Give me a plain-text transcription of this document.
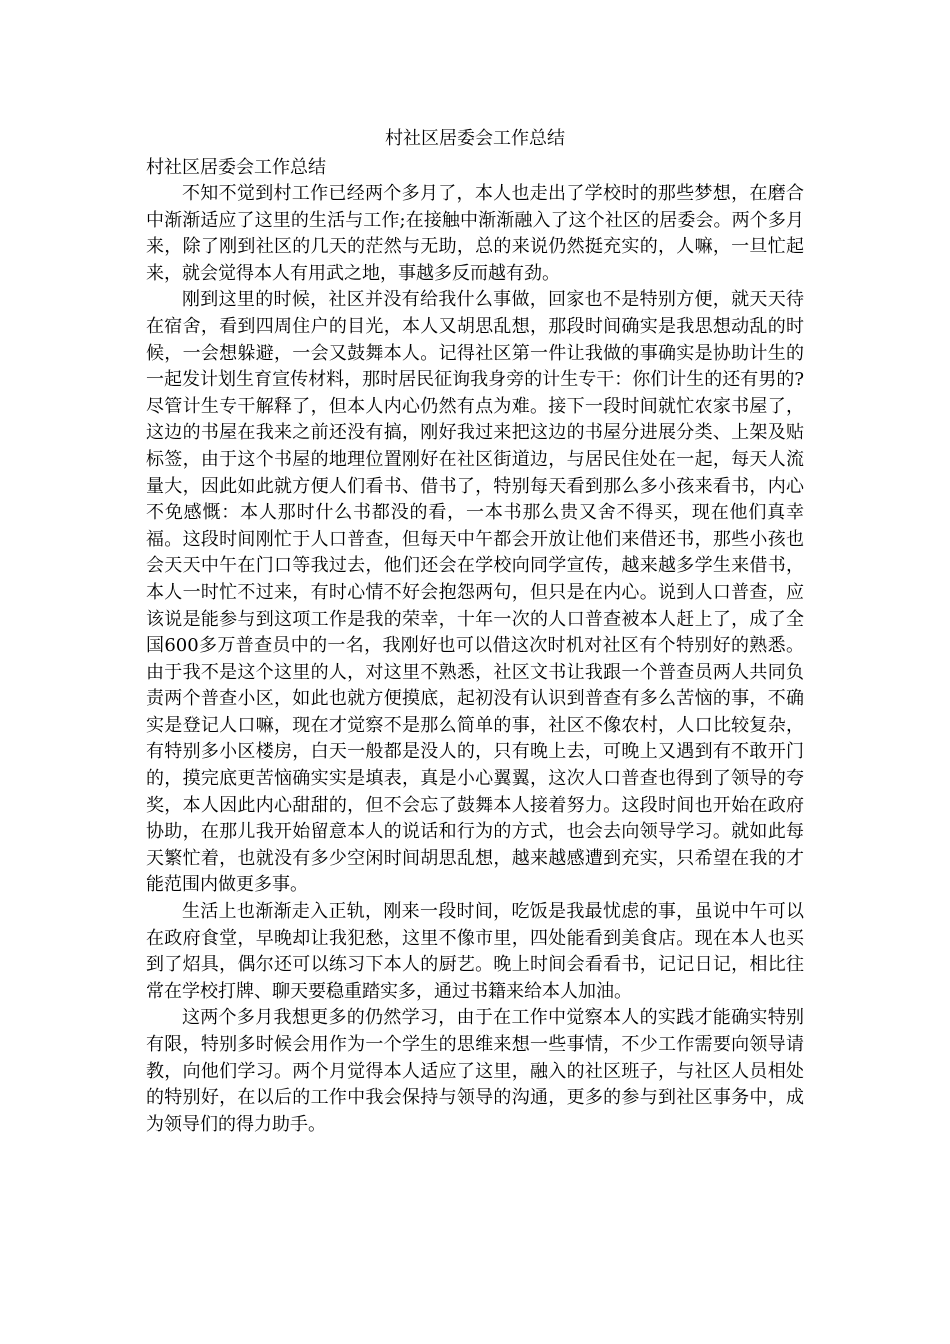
村社区居委会工作总结

村社区居委会工作总结

不知不觉到村工作已经两个多月了，本人也走出了学校时的那些梦想，在磨合中渐渐适应了这里的生活与工作;在接触中渐渐融入了这个社区的居委会。两个多月来，除了刚到社区的几天的茫然与无助，总的来说仍然挺充实的，人嘛，一旦忙起来，就会觉得本人有用武之地，事越多反而越有劲。

刚到这里的时候，社区并没有给我什么事做，回家也不是特别方便，就天天待在宿舍，看到四周住户的目光，本人又胡思乱想，那段时间确实是我思想动乱的时候，一会想躲避，一会又鼓舞本人。记得社区第一件让我做的事确实是协助计生的一起发计划生育宣传材料，那时居民征询我身旁的计生专干：你们计生的还有男的?尽管计生专干解释了，但本人内心仍然有点为难。接下一段时间就忙农家书屋了，这边的书屋在我来之前还没有搞，刚好我过来把这边的书屋分进展分类、上架及贴标签，由于这个书屋的地理位置刚好在社区街道边，与居民住处在一起，每天人流量大，因此如此就方便人们看书、借书了，特别每天看到那么多小孩来看书，内心不免感慨：本人那时什么书都没的看，一本书那么贵又舍不得买，现在他们真幸福。这段时间刚忙于人口普查，但每天中午都会开放让他们来借还书，那些小孩也会天天中午在门口等我过去，他们还会在学校向同学宣传，越来越多学生来借书，本人一时忙不过来，有时心情不好会抱怨两句，但只是在内心。说到人口普查，应该说是能参与到这项工作是我的荣幸，十年一次的人口普查被本人赶上了，成了全国600多万普查员中的一名，我刚好也可以借这次时机对社区有个特别好的熟悉。由于我不是这个这里的人，对这里不熟悉，社区文书让我跟一个普查员两人共同负责两个普查小区，如此也就方便摸底，起初没有认识到普查有多么苦恼的事，不确实是登记人口嘛，现在才觉察不是那么简单的事，社区不像农村，人口比较复杂，有特别多小区楼房，白天一般都是没人的，只有晚上去，可晚上又遇到有不敢开门的，摸完底更苦恼确实实是填表，真是小心翼翼，这次人口普查也得到了领导的夸奖，本人因此内心甜甜的，但不会忘了鼓舞本人接着努力。这段时间也开始在政府协助，在那儿我开始留意本人的说话和行为的方式，也会去向领导学习。就如此每天繁忙着，也就没有多少空闲时间胡思乱想，越来越感遭到充实，只希望在我的才能范围内做更多事。

生活上也渐渐走入正轨，刚来一段时间，吃饭是我最忧虑的事，虽说中午可以在政府食堂，早晚却让我犯愁，这里不像市里，四处能看到美食店。现在本人也买到了炤具，偶尔还可以练习下本人的厨艺。晚上时间会看看书，记记日记，相比往常在学校打牌、聊天要稳重踏实多，通过书籍来给本人加油。

这两个多月我想更多的仍然学习，由于在工作中觉察本人的实践才能确实特别有限，特别多时候会用作为一个学生的思维来想一些事情，不少工作需要向领导请教，向他们学习。两个月觉得本人适应了这里，融入的社区班子，与社区人员相处的特别好，在以后的工作中我会保持与领导的沟通，更多的参与到社区事务中，成为领导们的得力助手。
